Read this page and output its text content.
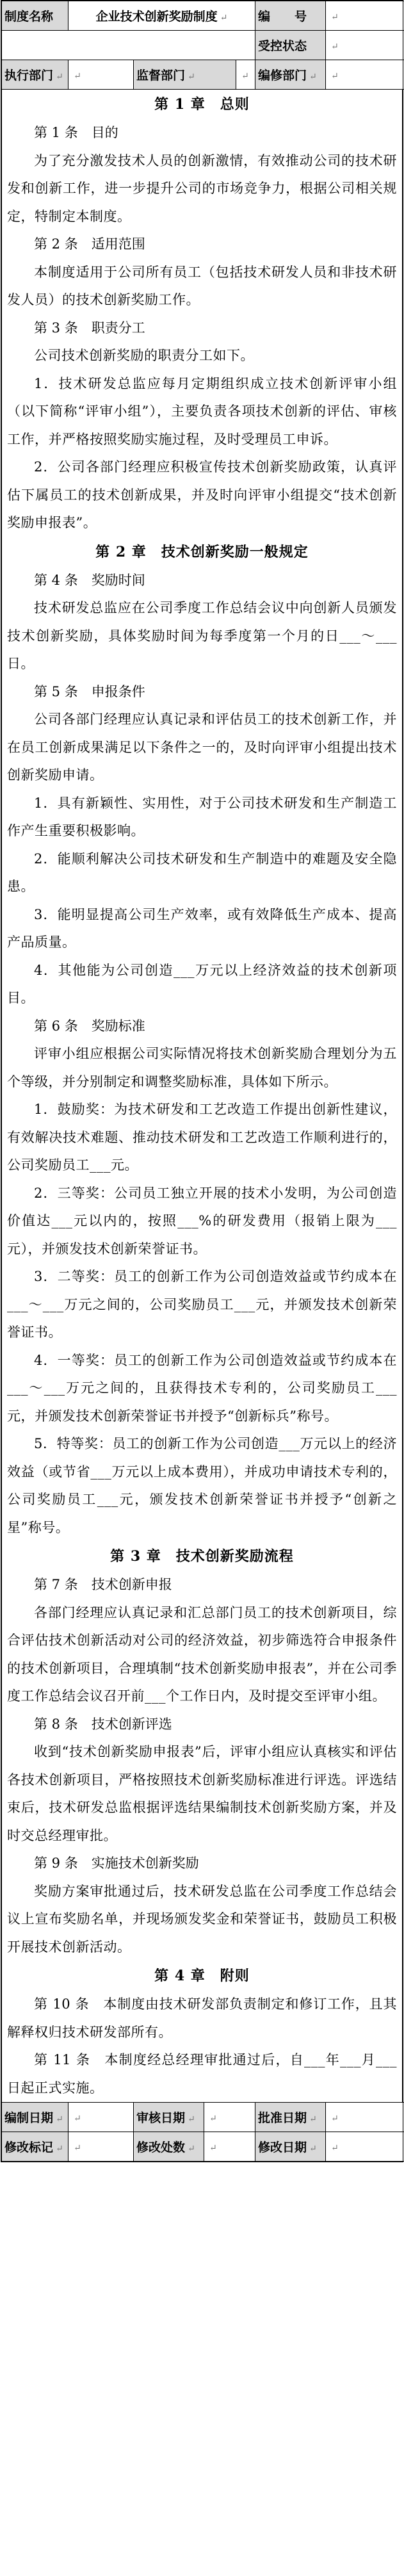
制度名称	企业技术创新奖励制度 ↵			编　　号	↵
				受控状态	↵
执行部门 ↵	↵	监督部门 ↵	↵	编修部门 ↵	↵
第 1 章　总则
第 1 条　目的
为了充分激发技术人员的创新激情，有效推动公司的技术研发和创新工作，进一步提升公司的市场竞争力，根据公司相关规定，特制定本制度。
第 2 条　适用范围
本制度适用于公司所有员工（包括技术研发人员和非技术研发人员）的技术创新奖励工作。
第 3 条　职责分工
公司技术创新奖励的职责分工如下。
1．技术研发总监应每月定期组织成立技术创新评审小组（以下简称“评审小组”），主要负责各项技术创新的评估、审核工作，并严格按照奖励实施过程，及时受理员工申诉。
2．公司各部门经理应积极宣传技术创新奖励政策，认真评估下属员工的技术创新成果，并及时向评审小组提交“技术创新奖励申报表”。
第 2 章　技术创新奖励一般规定
第 4 条　奖励时间
技术研发总监应在公司季度工作总结会议中向创新人员颁发技术创新奖励，具体奖励时间为每季度第一个月的日___～___日。
第 5 条　申报条件
公司各部门经理应认真记录和评估员工的技术创新工作，并在员工创新成果满足以下条件之一的，及时向评审小组提出技术创新奖励申请。
1．具有新颖性、实用性，对于公司技术研发和生产制造工作产生重要积极影响。
2．能顺利解决公司技术研发和生产制造中的难题及安全隐患。
3．能明显提高公司生产效率，或有效降低生产成本、提高产品质量。
4．其他能为公司创造___万元以上经济效益的技术创新项目。
第 6 条　奖励标准
评审小组应根据公司实际情况将技术创新奖励合理划分为五个等级，并分别制定和调整奖励标准，具体如下所示。
1．鼓励奖：为技术研发和工艺改造工作提出创新性建议，有效解决技术难题、推动技术研发和工艺改造工作顺利进行的，公司奖励员工___元。
2．三等奖：公司员工独立开展的技术小发明，为公司创造价值达___元以内的，按照___%的研发费用（报销上限为___元），并颁发技术创新荣誉证书。
3．二等奖：员工的创新工作为公司创造效益或节约成本在___～___万元之间的，公司奖励员工___元，并颁发技术创新荣誉证书。
4．一等奖：员工的创新工作为公司创造效益或节约成本在___～___万元之间的，且获得技术专利的，公司奖励员工___元，并颁发技术创新荣誉证书并授予“创新标兵”称号。
5．特等奖：员工的创新工作为公司创造___万元以上的经济效益（或节省___万元以上成本费用），并成功申请技术专利的，公司奖励员工___元，颁发技术创新荣誉证书并授予“创新之星”称号。
第 3 章　技术创新奖励流程
第 7 条　技术创新申报
各部门经理应认真记录和汇总部门员工的技术创新项目，综合评估技术创新活动对公司的经济效益，初步筛选符合申报条件的技术创新项目，合理填制“技术创新奖励申报表”，并在公司季度工作总结会议召开前___个工作日内，及时提交至评审小组。
第 8 条　技术创新评选
收到“技术创新奖励申报表”后，评审小组应认真核实和评估各技术创新项目，严格按照技术创新奖励标准进行评选。评选结束后，技术研发总监根据评选结果编制技术创新奖励方案，并及时交总经理审批。
第 9 条　实施技术创新奖励
奖励方案审批通过后，技术研发总监在公司季度工作总结会议上宣布奖励名单，并现场颁发奖金和荣誉证书，鼓励员工积极开展技术创新活动。
第 4 章　附则
第 10 条　本制度由技术研发部负责制定和修订工作，且其解释权归技术研发部所有。
第 11 条　本制度经总经理审批通过后，自___年___月___日起正式实施。
编制日期 ↵	↵	审核日期 ↵	↵	批准日期 ↵	↵
修改标记 ↵	↵	修改处数 ↵	↵	修改日期 ↵	↵
